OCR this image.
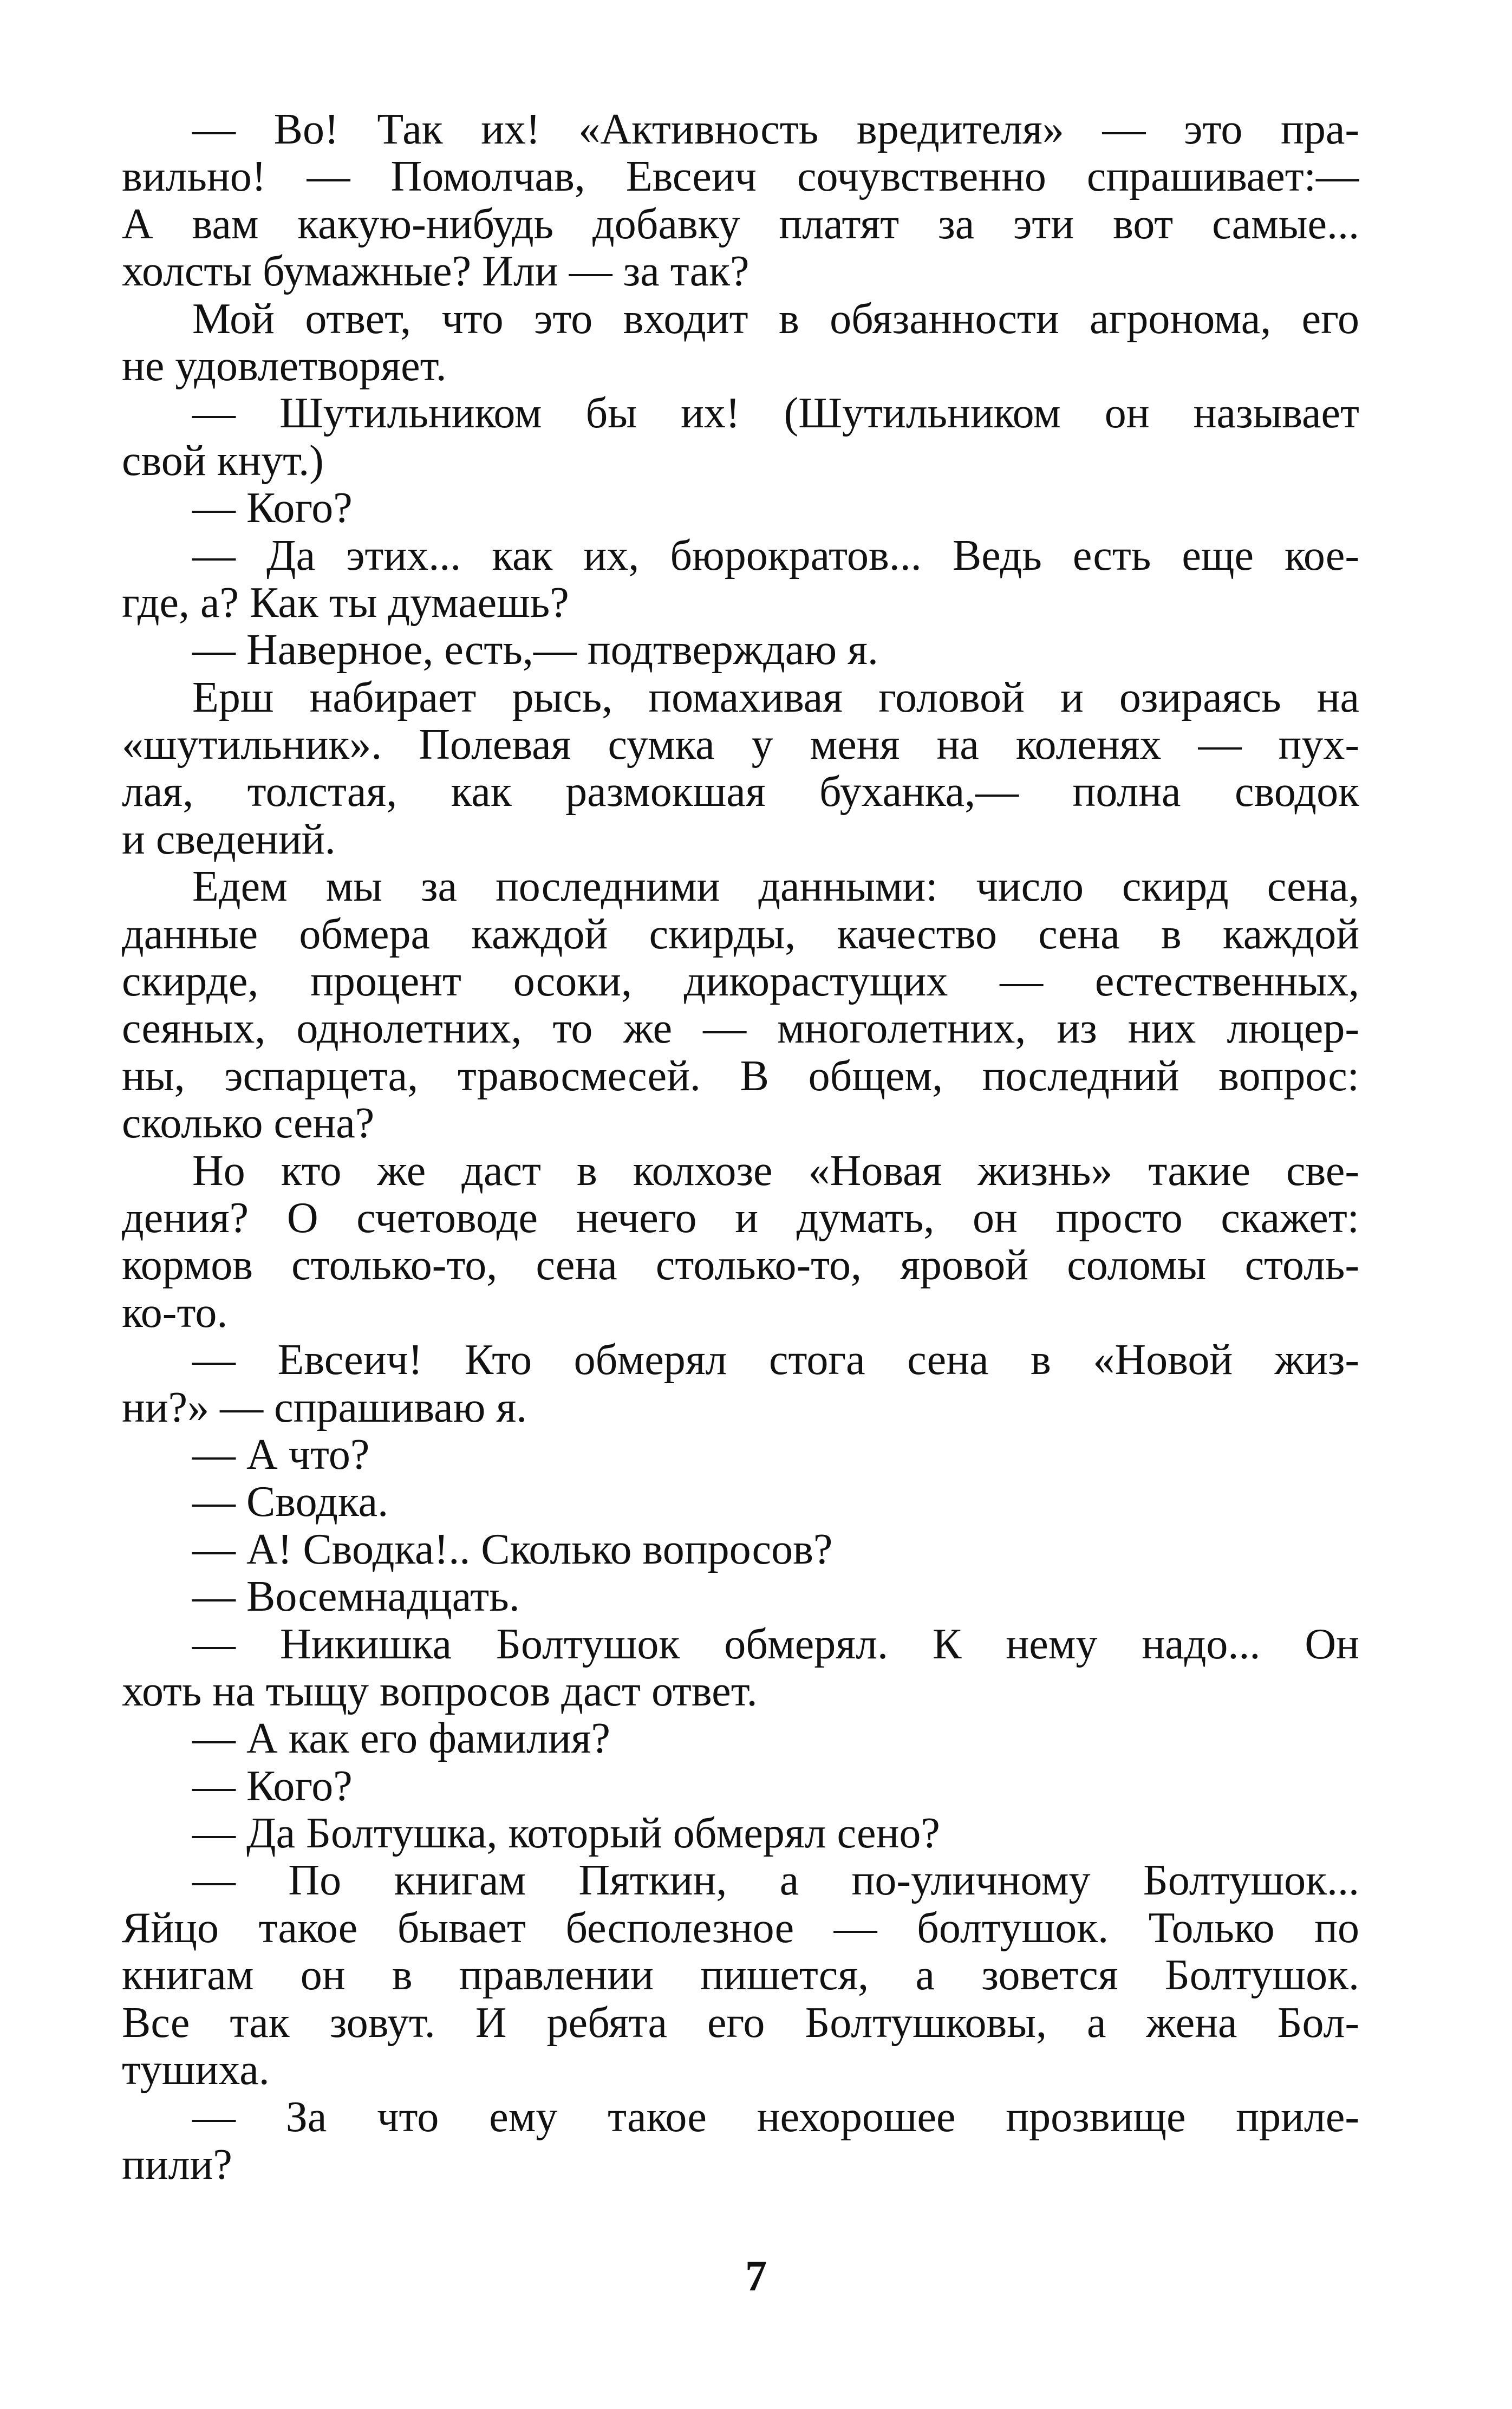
— Во! Так их! «Активность вредителя» — это пра-
вильно! — Помолчав, Евсеич сочувственно спрашивает:—
А вам какую-нибудь добавку платят за эти вот самые...
холсты бумажные? Или — за так?
Мой ответ, что это входит в обязанности агронома, его
не удовлетворяет.
— Шутильником бы их! (Шутильником он называет
свой кнут.)
— Кого?
— Да этих... как их, бюрократов... Ведь есть еще кое-
где, а? Как ты думаешь?
— Наверное, есть,— подтверждаю я.
Ерш набирает рысь, помахивая головой и озираясь на
«шутильник». Полевая сумка у меня на коленях — пух-
лая, толстая, как размокшая буханка,— полна сводок
и сведений.
Едем мы за последними данными: число скирд сена,
данные обмера каждой скирды, качество сена в каждой
скирде, процент осоки, дикорастущих — естественных,
сеяных, однолетних, то же — многолетних, из них люцер-
ны, эспарцета, травосмесей. В общем, последний вопрос:
сколько сена?
Но кто же даст в колхозе «Новая жизнь» такие све-
дения? О счетоводе нечего и думать, он просто скажет:
кормов столько-то, сена столько-то, яровой соломы столь-
ко-то.
— Евсеич! Кто обмерял стога сена в «Новой жиз-
ни?» — спрашиваю я.
— А что?
— Сводка.
— А! Сводка!.. Сколько вопросов?
— Восемнадцать.
— Никишка Болтушок обмерял. К нему надо... Он
хоть на тыщу вопросов даст ответ.
— А как его фамилия?
— Кого?
— Да Болтушка, который обмерял сено?
— По книгам Пяткин, а по-уличному Болтушок...
Яйцо такое бывает бесполезное — болтушок. Только по
книгам он в правлении пишется, а зовется Болтушок.
Все так зовут. И ребята его Болтушковы, а жена Бол-
тушиха.
— За что ему такое нехорошее прозвище прилe-
пили?
7
